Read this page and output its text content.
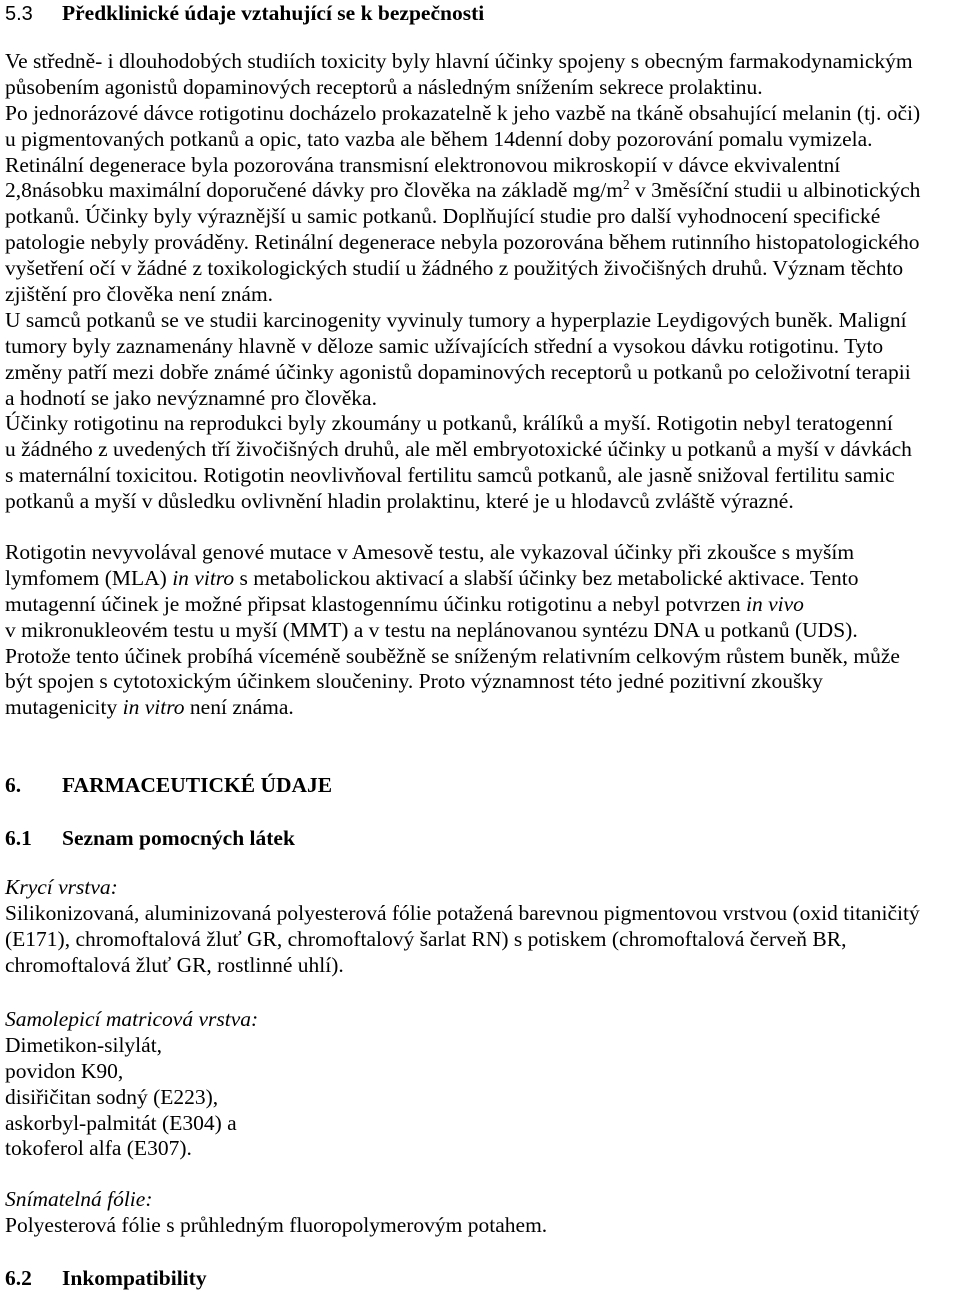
5.3 Předklinické údaje vztahující se k bezpečnosti
Ve středně- i dlouhodobých studiích toxicity byly hlavní účinky spojeny s obecným farmakodynamickým
působením agonistů dopaminových receptorů a následným snížením sekrece prolaktinu.
Po jednorázové dávce rotigotinu docházelo prokazatelně k jeho vazbě na tkáně obsahující melanin (tj. oči)
u pigmentovaných potkanů a opic, tato vazba ale během 14denní doby pozorování pomalu vymizela.
Retinální degenerace byla pozorována transmisní elektronovou mikroskopií v dávce ekvivalentní
2,8násobku maximální doporučené dávky pro člověka na základě $mg/m^2$ v 3měsíční studii u albinotických
potkanů. Účinky byly výraznější u samic potkanů. Doplňující studie pro další vyhodnocení specifické
patologie nebyly prováděny. Retinální degenerace nebyla pozorována během rutinního histopatologického
vyšetření očí v žádné z toxikologických studií u žádného z použitých živočišných druhů. Význam těchto
zjištění pro člověka není znám.
U samců potkanů se ve studii karcinogenity vyvinuly tumory a hyperplazie Leydigových buněk. Maligní
tumory byly zaznamenány hlavně v děloze samic užívajících střední a vysokou dávku rotigotinu. Tyto
změny patří mezi dobře známé účinky agonistů dopaminových receptorů u potkanů po celoživotní terapii
a hodnotí se jako nevýznamné pro člověka.
Účinky rotigotinu na reprodukci byly zkoumány u potkanů, králíků a myší. Rotigotin nebyl teratogenní
u žádného z uvedených tří živočišných druhů, ale měl embryotoxické účinky u potkanů a myší v dávkách
s maternální toxicitou. Rotigotin neovlivňoval fertilitu samců potkanů, ale jasně snižoval fertilitu samic
potkanů a myší v důsledku ovlivnění hladin prolaktinu, které je u hlodavců zvláště výrazné.
Rotigotin nevyvolával genové mutace v Amesově testu, ale vykazoval účinky při zkoušce s myším
lymfomem (MLA) in vitro s metabolickou aktivací a slabší účinky bez metabolické aktivace. Tento
mutagenní účinek je možné připsat klastogennímu účinku rotigotinu a nebyl potvrzen in vivo
v mikronukleovém testu u myší (MMT) a v testu na neplánovanou syntézu DNA u potkanů (UDS).
Protože tento účinek probíhá víceméně souběžně se sníženým relativním celkovým růstem buněk, může
být spojen s cytotoxickým účinkem sloučeniny. Proto významnost této jedné pozitivní zkoušky
mutagenicity in vitro není známa.
6. FARMACEUTICKÉ ÚDAJE
6.1 Seznam pomocných látek
Krycí vrstva:
Silikonizovaná, aluminizovaná polyesterová fólie potažená barevnou pigmentovou vrstvou (oxid titaničitý
(E171), chromoftalová žluť GR, chromoftalový šarlat RN) s potiskem (chromoftalová červeň BR,
chromoftalová žluť GR, rostlinné uhlí).
Samolepicí matricová vrstva:
Dimetikon-silylát,
povidon K90,
disiřičitan sodný (E223),
askorbyl-palmitát (E304) a
tokoferol alfa (E307).
Snímatelná fólie:
Polyesterová fólie s průhledným fluoropolymerovým potahem.
6.2 Inkompatibility
